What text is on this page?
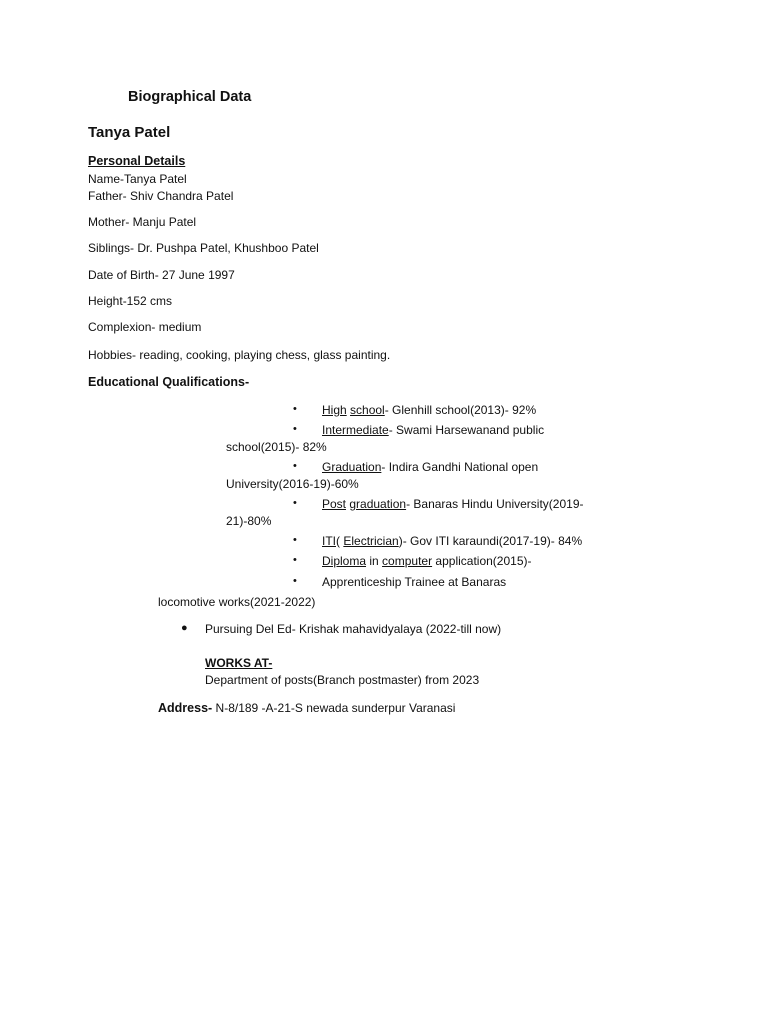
Biographical Data
Tanya Patel
Personal Details
Name-Tanya Patel
Father- Shiv Chandra Patel
Mother- Manju Patel
Siblings- Dr. Pushpa Patel, Khushboo Patel
Date of Birth- 27 June 1997
Height-152 cms
Complexion- medium
Hobbies- reading, cooking, playing chess, glass painting.
Educational Qualifications-
• High school- Glenhill school(2013)- 92%
• Intermediate- Swami Harsewanand public
school(2015)- 82%
• Graduation- Indira Gandhi National open
University(2016-19)-60%
• Post graduation- Banaras Hindu University(2019-
21)-80%
• ITI( Electrician)- Gov ITI karaundi(2017-19)- 84%
• Diploma in computer application(2015)-
• Apprenticeship Trainee at Banaras
locomotive works(2021-2022)
● Pursuing Del Ed- Krishak mahavidyalaya (2022-till now)
WORKS AT-
Department of posts(Branch postmaster) from 2023
Address- N-8/189 -A-21-S newada sunderpur Varanasi
